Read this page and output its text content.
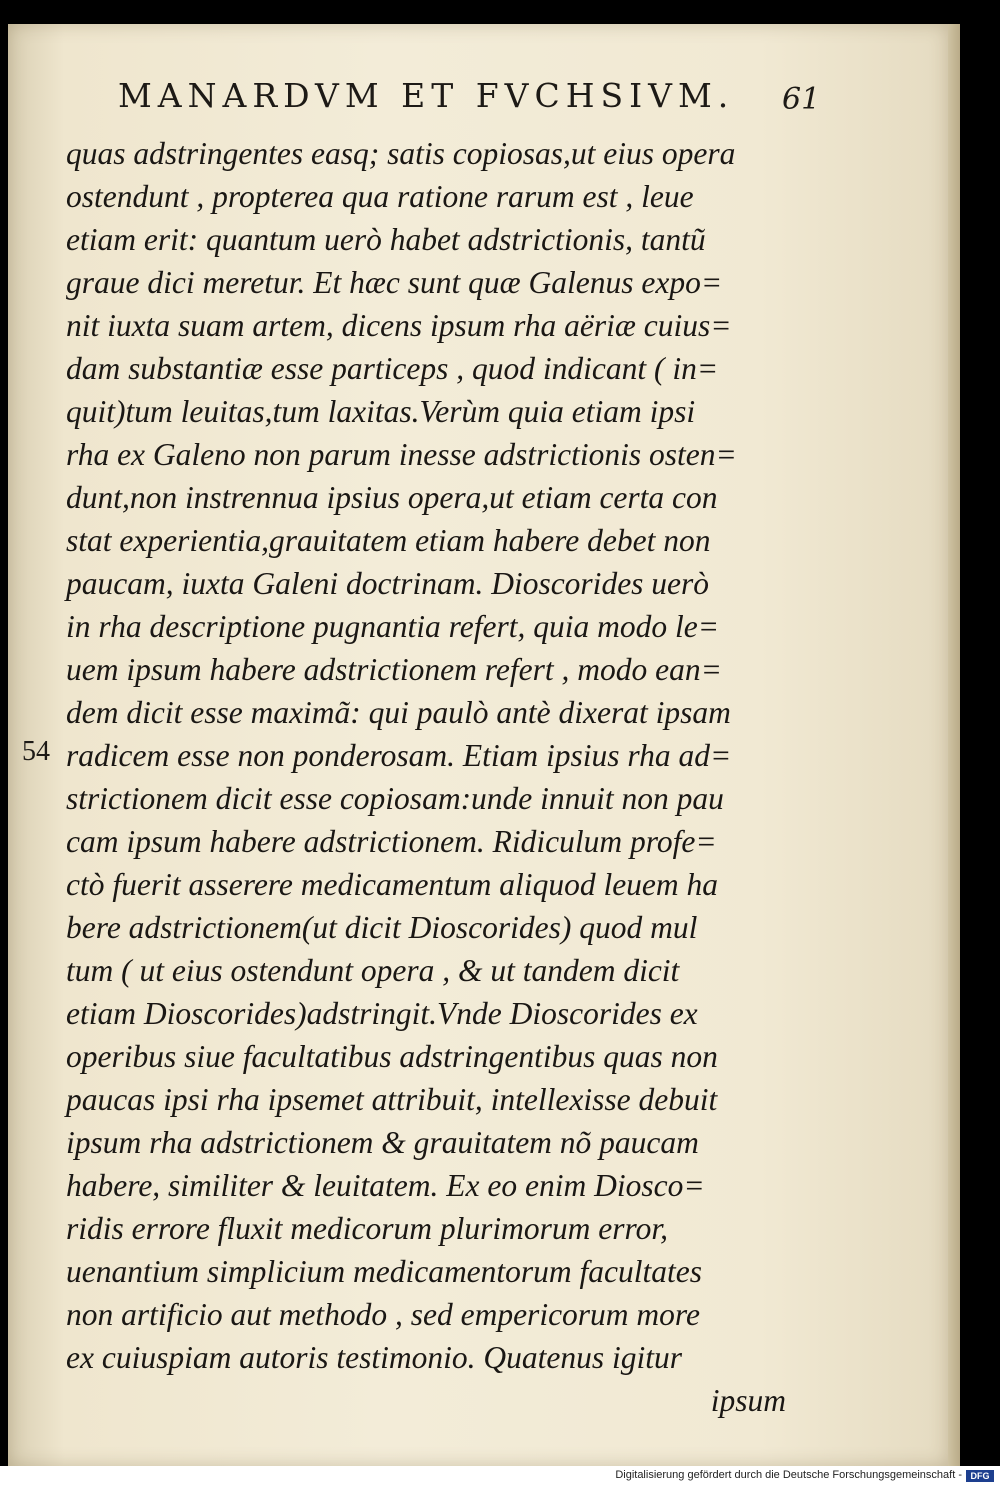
MANARDVM ET FVCHSIVM.	61
54
quas adstringentes easq; satis copiosas,ut eius opera
ostendunt , propterea qua ratione rarum est , leue
etiam erit: quantum uerò habet adstrictionis, tantũ
graue dici meretur. Et hæc sunt quæ Galenus expo=
nit iuxta suam artem, dicens ipsum rha aëriæ cuius=
dam substantiæ esse particeps , quod indicant ( in=
quit)tum leuitas,tum laxitas.Verùm quia etiam ipsi
rha ex Galeno non parum inesse adstrictionis osten=
dunt,non instrennua ipsius opera,ut etiam certa con
stat experientia,grauitatem etiam habere debet non
paucam, iuxta Galeni doctrinam. Dioscorides uerò
in rha descriptione pugnantia refert, quia modo le=
uem ipsum habere adstrictionem refert , modo ean=
dem dicit esse maximã: qui paulò antè dixerat ipsam
radicem esse non ponderosam. Etiam ipsius rha ad=
strictionem dicit esse copiosam:unde innuit non pau
cam ipsum habere adstrictionem. Ridiculum profe=
ctò fuerit asserere medicamentum aliquod leuem ha
bere adstrictionem(ut dicit Dioscorides) quod mul
tum ( ut eius ostendunt opera , & ut tandem dicit
etiam Dioscorides)adstringit.Vnde Dioscorides ex
operibus siue facultatibus adstringentibus quas non
paucas ipsi rha ipsemet attribuit, intellexisse debuit
ipsum rha adstrictionem & grauitatem nõ paucam
habere, similiter & leuitatem. Ex eo enim Diosco=
ridis errore fluxit medicorum plurimorum error,
uenantium simplicium medicamentorum facultates
non artificio aut methodo , sed empericorum more
ex cuiuspiam autoris testimonio. Quatenus igitur
ipsum
Digitalisierung gefördert durch die Deutsche Forschungsgemeinschaft - DFG
